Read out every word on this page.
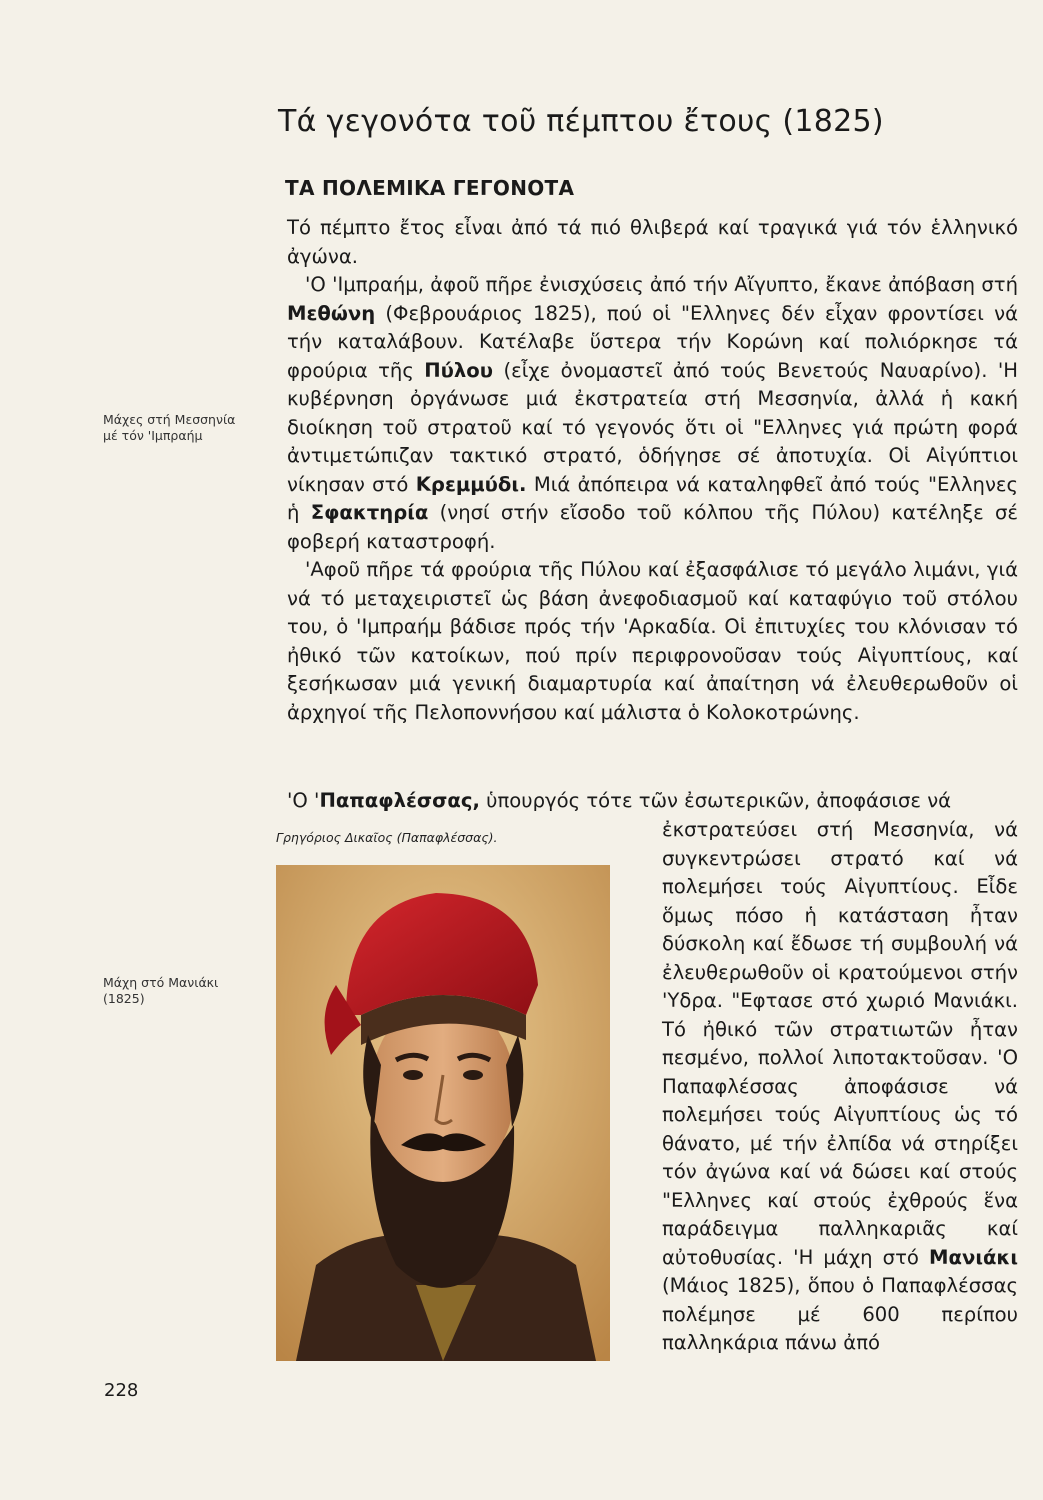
Τά γεγονότα τοῦ πέμπτου ἔτους (1825)
ΤΑ ΠΟΛΕΜΙΚΑ ΓΕΓΟΝΟΤΑ
Μάχες στή Μεσσηνία μέ τόν 'Ιμπραήμ

Τό πέμπτο ἔτος εἶναι ἀπό τά πιό θλιβερά καί τραγικά γιά τόν ἑλληνικό ἀγώνα.

'Ο 'Ιμπραήμ, ἀφοῦ πῆρε ἐνισχύσεις ἀπό τήν Αἴγυπτο, ἔκανε ἀπόβαση στή Μεθώνη (Φεβρουάριος 1825), πού οἱ "Ελληνες δέν εἶχαν φροντίσει νά τήν καταλάβουν. Κατέλαβε ὕστερα τήν Κορώνη καί πολιόρκησε τά φρούρια τῆς Πύλου (εἶχε ὀνομαστεῖ ἀπό τούς Βενετούς Ναυαρίνο). 'Η κυβέρνηση ὀργάνωσε μιά ἐκστρατεία στή Μεσσηνία, ἀλλά ἡ κακή διοίκηση τοῦ στρατοῦ καί τό γεγονός ὅτι οἱ "Ελληνες γιά πρώτη φορά ἀντιμετώπιζαν τακτικό στρατό, ὁδήγησε σέ ἀποτυχία. Οἱ Αἰγύπτιοι νίκησαν στό Κρεμμύδι. Μιά ἀπόπειρα νά καταληφθεῖ ἀπό τούς "Ελληνες ἡ Σφακτηρία (νησί στήν εἴσοδο τοῦ κόλπου τῆς Πύλου) κατέληξε σέ φοβερή καταστροφή.

'Αφοῦ πῆρε τά φρούρια τῆς Πύλου καί ἐξασφάλισε τό μεγάλο λιμάνι, γιά νά τό μεταχειριστεῖ ὡς βάση ἀνεφοδιασμοῦ καί καταφύγιο τοῦ στόλου του, ὁ 'Ιμπραήμ βάδισε πρός τήν 'Αρκαδία. Οἱ ἐπιτυχίες του κλόνισαν τό ἠθικό τῶν κατοίκων, πού πρίν περιφρονοῦσαν τούς Αἰγυπτίους, καί ξεσήκωσαν μιά γενική διαμαρτυρία καί ἀπαίτηση νά ἐλευθερωθοῦν οἱ ἀρχηγοί τῆς Πελοποννήσου καί μάλιστα ὁ Κολοκοτρώνης.

'Ο 'Παπαφλέσσας, ὑπουργός τότε τῶν ἐσωτερικῶν, ἀποφάσισε νά
Γρηγόριος Δικαῖος (Παπαφλέσσας).
Μάχη στό Μανιάκι (1825)
ἐκστρατεύσει στή Μεσσηνία, νά συγκεντρώσει στρατό καί νά πολεμήσει τούς Αἰγυπτίους. Εἶδε ὅμως πόσο ἡ κατάσταση ἦταν δύσκολη καί ἔδωσε τή συμβουλή νά ἐλευθερωθοῦν οἱ κρατούμενοι στήν 'Υδρα. "Εφτασε στό χωριό Μανιάκι. Τό ἠθικό τῶν στρατιωτῶν ἦταν πεσμένο, πολλοί λιποτακτοῦσαν. 'Ο Παπαφλέσσας ἀποφάσισε νά πολεμήσει τούς Αἰγυπτίους ὡς τό θάνατο, μέ τήν ἐλπίδα νά στηρίξει τόν ἀγώνα καί νά δώσει καί στούς "Ελληνες καί στούς ἐχθρούς ἕνα παράδειγμα παλληκαριᾶς καί αὐτοθυσίας. 'Η μάχη στό Μανιάκι (Μάιος 1825), ὅπου ὁ Παπαφλέσσας πολέμησε μέ 600 περίπου παλληκάρια πάνω ἀπό
228
